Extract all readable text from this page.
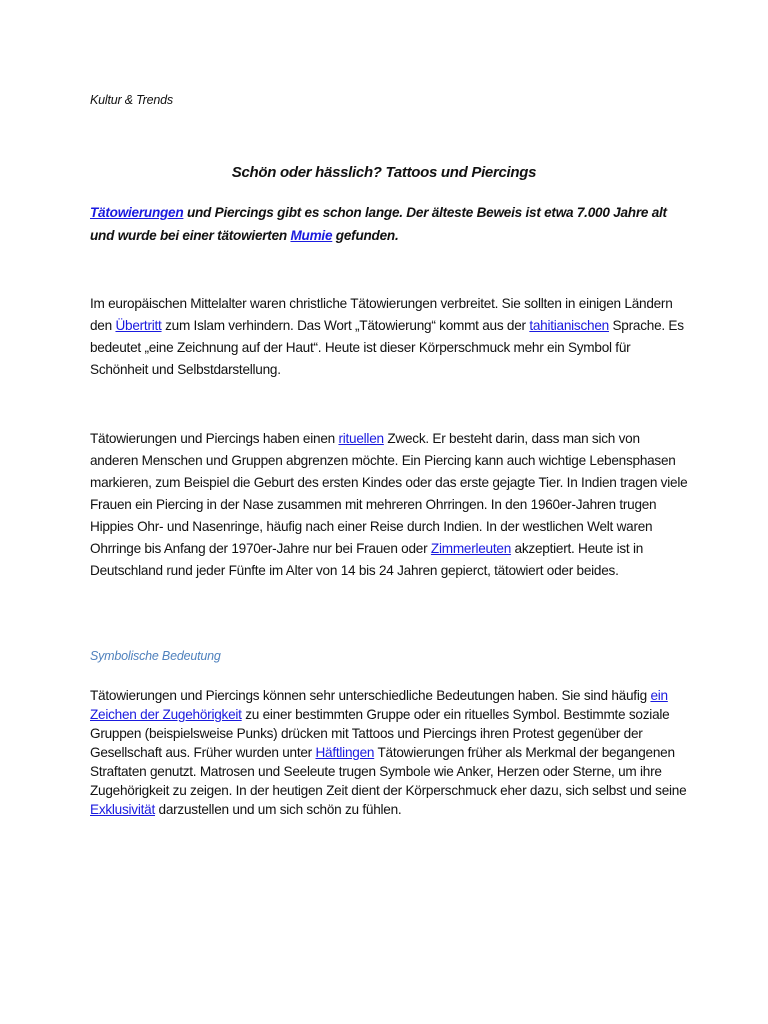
Kultur & Trends
Schön oder hässlich? Tattoos und Piercings

Tätowierungen und Piercings gibt es schon lange. Der älteste Beweis ist etwa 7.000 Jahre alt und wurde bei einer tätowierten Mumie gefunden.

Im europäischen Mittelalter waren christliche Tätowierungen verbreitet. Sie sollten in einigen Ländern den Übertritt zum Islam verhindern. Das Wort „Tätowierung“ kommt aus der tahitianischen Sprache. Es bedeutet „eine Zeichnung auf der Haut“. Heute ist dieser Körperschmuck mehr ein Symbol für Schönheit und Selbstdarstellung.

Tätowierungen und Piercings haben einen rituellen Zweck. Er besteht darin, dass man sich von anderen Menschen und Gruppen abgrenzen möchte. Ein Piercing kann auch wichtige Lebensphasen markieren, zum Beispiel die Geburt des ersten Kindes oder das erste gejagte Tier. In Indien tragen viele Frauen ein Piercing in der Nase zusammen mit mehreren Ohrringen. In den 1960er-Jahren trugen Hippies Ohr- und Nasenringe, häufig nach einer Reise durch Indien. In der westlichen Welt waren Ohrringe bis Anfang der 1970er-Jahre nur bei Frauen oder Zimmerleuten akzeptiert. Heute ist in Deutschland rund jeder Fünfte im Alter von 14 bis 24 Jahren gepierct, tätowiert oder beides.

Symbolische Bedeutung

Tätowierungen und Piercings können sehr unterschiedliche Bedeutungen haben. Sie sind häufig ein Zeichen der Zugehörigkeit zu einer bestimmten Gruppe oder ein rituelles Symbol. Bestimmte soziale Gruppen (beispielsweise Punks) drücken mit Tattoos und Piercings ihren Protest gegenüber der Gesellschaft aus. Früher wurden unter Häftlingen Tätowierungen früher als Merkmal der begangenen Straftaten genutzt. Matrosen und Seeleute trugen Symbole wie Anker, Herzen oder Sterne, um ihre Zugehörigkeit zu zeigen. In der heutigen Zeit dient der Körperschmuck eher dazu, sich selbst und seine Exklusivität darzustellen und um sich schön zu fühlen.
